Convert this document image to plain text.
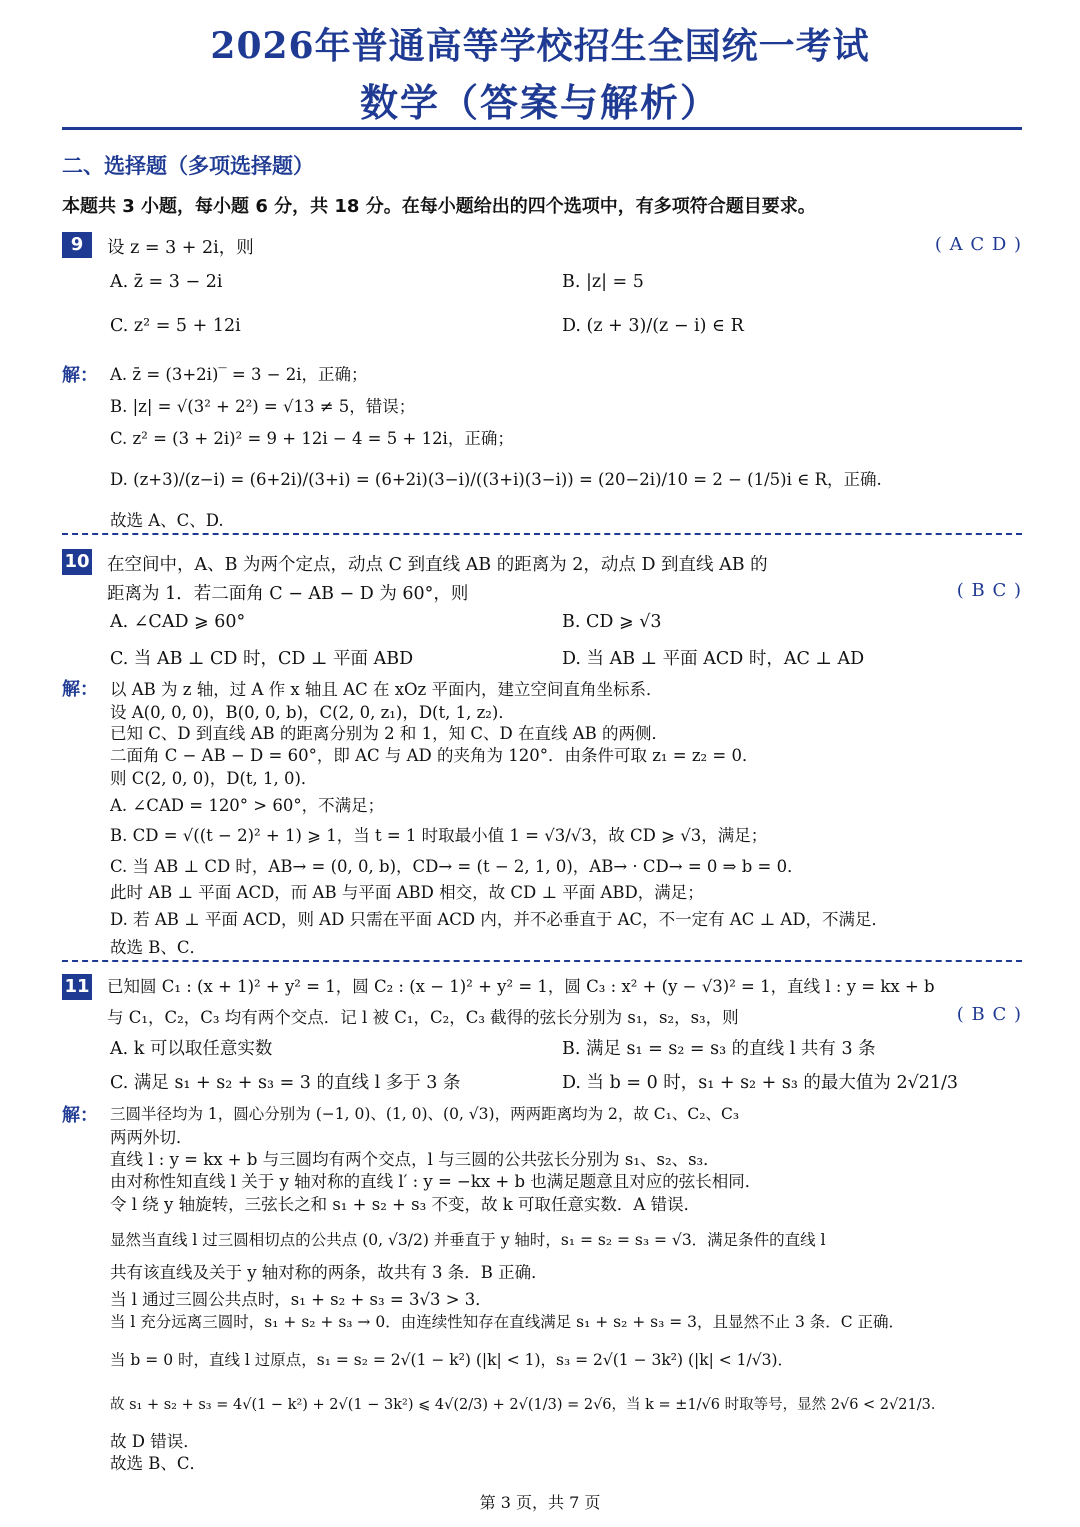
2026年普通高等学校招生全国统一考试
数学（答案与解析）
二、选择题（多项选择题）
本题共 3 小题，每小题 6 分，共 18 分。在每小题给出的四个选项中，有多项符合题目要求。
9	设 z = 3 + 2i，则	( A C D )
A. z̄ = 3 − 2i	B. |z| = 5
C. z² = 5 + 12i	D. (z + 3)/(z − i) ∈ R
解： A. z̄ = (3+2i)‾ = 3 − 2i，正确；
B. |z| = √(3² + 2²) = √13 ≠ 5，错误；
C. z² = (3 + 2i)² = 9 + 12i − 4 = 5 + 12i，正确；
D. (z+3)/(z−i) = (6+2i)/(3+i) = (6+2i)(3−i)/((3+i)(3−i)) = (20−2i)/10 = 2 − (1/5)i ∈ R，正确.
故选 A、C、D.
10 在空间中，A、B 为两个定点，动点 C 到直线 AB 的距离为 2，动点 D 到直线 AB 的
距离为 1．若二面角 C − AB − D 为 60°，则	( B C )
A. ∠CAD ⩾ 60°	B. CD ⩾ √3
C. 当 AB ⊥ CD 时，CD ⊥ 平面 ABD	D. 当 AB ⊥ 平面 ACD 时，AC ⊥ AD
解： 以 AB 为 z 轴，过 A 作 x 轴且 AC 在 xOz 平面内，建立空间直角坐标系．
设 A(0, 0, 0)，B(0, 0, b)，C(2, 0, z₁)，D(t, 1, z₂)．
已知 C、D 到直线 AB 的距离分别为 2 和 1，知 C、D 在直线 AB 的两侧．
二面角 C − AB − D = 60°，即 AC 与 AD 的夹角为 120°．由条件可取 z₁ = z₂ = 0．
则 C(2, 0, 0)，D(t, 1, 0)．
A. ∠CAD = 120° > 60°，不满足；
B. CD = √((t − 2)² + 1) ⩾ 1，当 t = 1 时取最小值 1 = √3/√3，故 CD ⩾ √3，满足；
C. 当 AB ⊥ CD 时，AB→ = (0, 0, b)，CD→ = (t − 2, 1, 0)，AB→ · CD→ = 0 ⇒ b = 0．
此时 AB ⊥ 平面 ACD，而 AB 与平面 ABD 相交，故 CD ⊥ 平面 ABD，满足；
D. 若 AB ⊥ 平面 ACD，则 AD 只需在平面 ACD 内，并不必垂直于 AC，不一定有 AC ⊥ AD，不满足．
故选 B、C．
11 已知圆 C₁ : (x + 1)² + y² = 1，圆 C₂ : (x − 1)² + y² = 1，圆 C₃ : x² + (y − √3)² = 1，直线 l : y = kx + b
与 C₁，C₂，C₃ 均有两个交点．记 l 被 C₁，C₂，C₃ 截得的弦长分别为 s₁，s₂，s₃，则	( B C )
A. k 可以取任意实数	B. 满足 s₁ = s₂ = s₃ 的直线 l 共有 3 条
C. 满足 s₁ + s₂ + s₃ = 3 的直线 l 多于 3 条	D. 当 b = 0 时，s₁ + s₂ + s₃ 的最大值为 2√21/3
解： 三圆半径均为 1，圆心分别为 (−1, 0)、(1, 0)、(0, √3)，两两距离均为 2，故 C₁、C₂、C₃
两两外切．
直线 l : y = kx + b 与三圆均有两个交点，l 与三圆的公共弦长分别为 s₁、s₂、s₃．
由对称性知直线 l 关于 y 轴对称的直线 l′ : y = −kx + b 也满足题意且对应的弦长相同．
令 l 绕 y 轴旋转，三弦长之和 s₁ + s₂ + s₃ 不变，故 k 可取任意实数．A 错误．
显然当直线 l 过三圆相切点的公共点 (0, √3/2) 并垂直于 y 轴时，s₁ = s₂ = s₃ = √3．满足条件的直线 l
共有该直线及关于 y 轴对称的两条，故共有 3 条．B 正确．
当 l 通过三圆公共点时，s₁ + s₂ + s₃ = 3√3 > 3．
当 l 充分远离三圆时，s₁ + s₂ + s₃ → 0．由连续性知存在直线满足 s₁ + s₂ + s₃ = 3，且显然不止 3 条．C 正确．
当 b = 0 时，直线 l 过原点，s₁ = s₂ = 2√(1 − k²) (|k| < 1)，s₃ = 2√(1 − 3k²) (|k| < 1/√3)．
故 s₁ + s₂ + s₃ = 4√(1 − k²) + 2√(1 − 3k²) ⩽ 4√(2/3) + 2√(1/3) = 2√6，当 k = ±1/√6 时取等号，显然 2√6 < 2√21/3．
故 D 错误．
故选 B、C．
第 3 页，共 7 页
